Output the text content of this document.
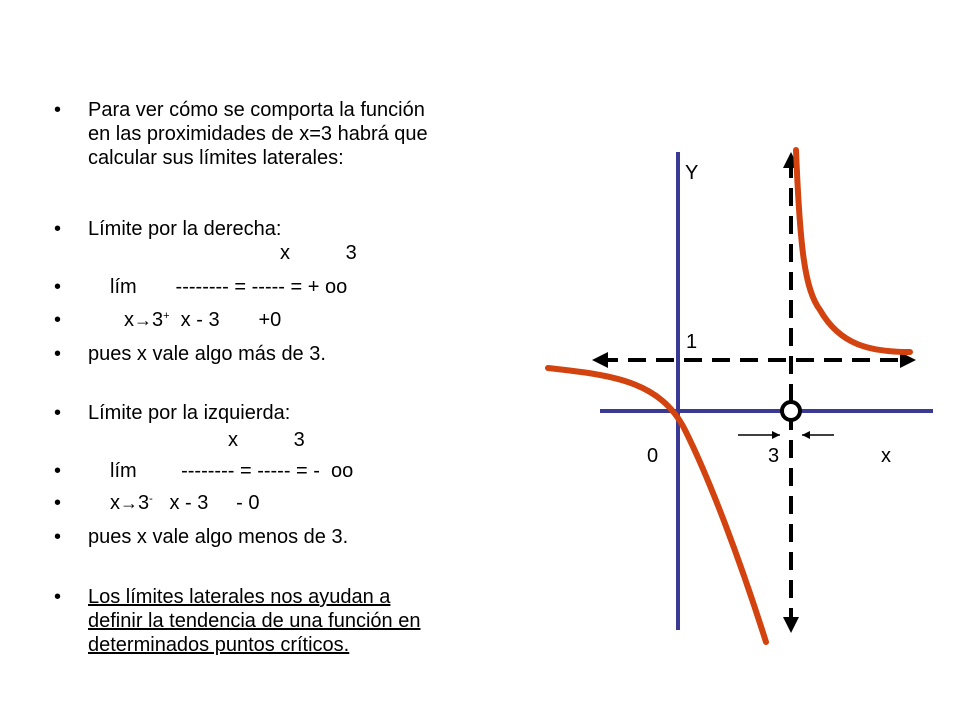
• Para ver cómo se comporta la función
en las proximidades de x=3 habrá que
calcular sus límites laterales:
• Límite por la derecha:
x          3
• lím       -------- = ----- = + oo
•	x→3+  x - 3       +0
• pues x vale algo más de 3.
• Límite por la izquierda:
x          3
• lím        -------- = ----- = -  oo
• x→3-   x - 3     - 0
• pues x vale algo menos de 3.
• Los límites laterales nos ayudan a
definir la tendencia de una función en
determinados puntos críticos.
Y
1
0	3	x
